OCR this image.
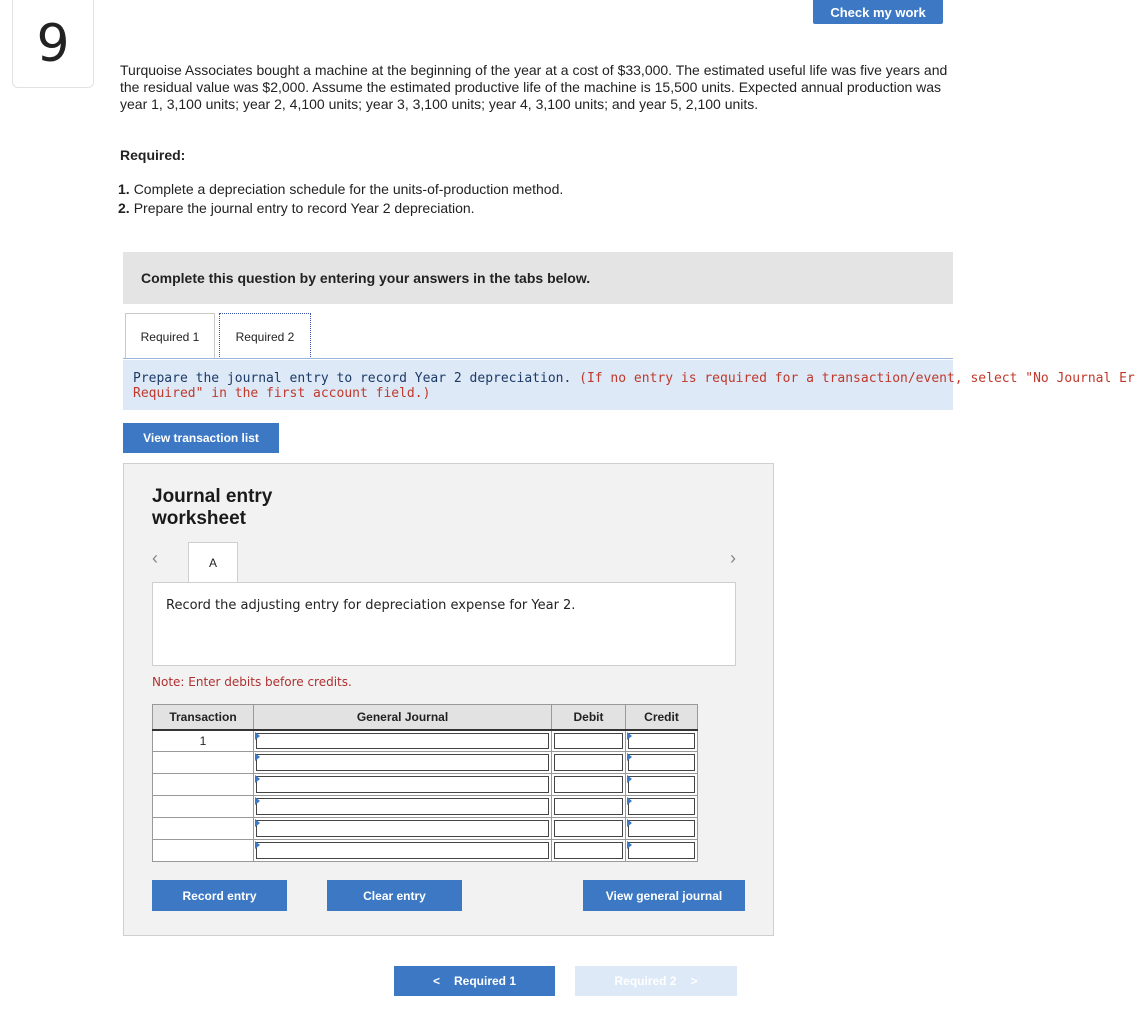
9
Check my work

Turquoise Associates bought a machine at the beginning of the year at a cost of $33,000. The estimated useful life was five years and the residual value was $2,000. Assume the estimated productive life of the machine is 15,500 units. Expected annual production was year 1, 3,100 units; year 2, 4,100 units; year 3, 3,100 units; year 4, 3,100 units; and year 5, 2,100 units.

Required:
1. Complete a depreciation schedule for the units-of-production method.
2. Prepare the journal entry to record Year 2 depreciation.
Complete this question by entering your answers in the tabs below.
Required 1	Required 2
Prepare the journal entry to record Year 2 depreciation. (If no entry is required for a transaction/event, select "No Journal Er
Required" in the first account field.)
View transaction list
Journal entry
worksheet
‹	›
A
Record the adjusting entry for depreciation expense for Year 2.
Note: Enter debits before credits.
Transaction	General Journal	Debit	Credit
1	

Record entry	Clear entry	View general journal
< Required 1	Required 2 >
